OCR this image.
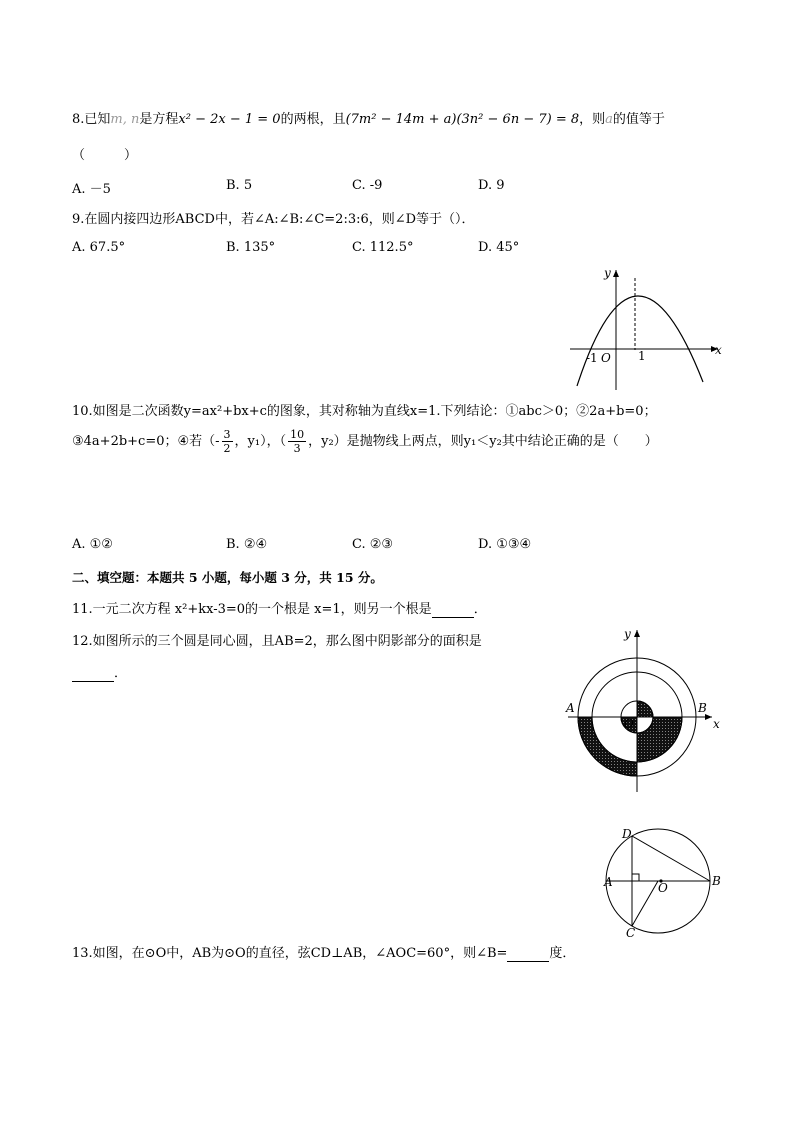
8.已知m, n是方程x² − 2x − 1 = 0的两根，且(7m² − 14m + a)(3n² − 6n − 7) = 8，则a的值等于
（　　　）
A. －5	B. 5	C. -9	D. 9
9.在圆内接四边形ABCD中，若∠A:∠B:∠C=2:3:6，则∠D等于（）．
A. 67.5°	B. 135°	C. 112.5°	D. 45°
y
x
-1 O 1
10.如图是二次函数y=ax²+bx+c的图象，其对称轴为直线x=1.下列结论：①abc＞0；②2a+b=0；
③4a+2b+c=0；④若（- $\frac{3}{2}$ ，y₁），（ $\frac{10}{3}$ ，y₂）是抛物线上两点，则y₁＜y₂其中结论正确的是（　　）
A. ①②	B. ②④	C. ②③	D. ①③④
二、填空题：本题共 5 小题，每小题 3 分，共 15 分。
11.一元二次方程 x²+kx-3=0的一个根是 x=1，则另一个根是	．
12.如图所示的三个圆是同心圆，且AB=2，那么图中阴影部分的面积是
．
y
x
A	B
O
D
A	O	B
C
13.如图，在⊙O中，AB为⊙O的直径，弦CD⊥AB，∠AOC=60°，则∠B=	度．
